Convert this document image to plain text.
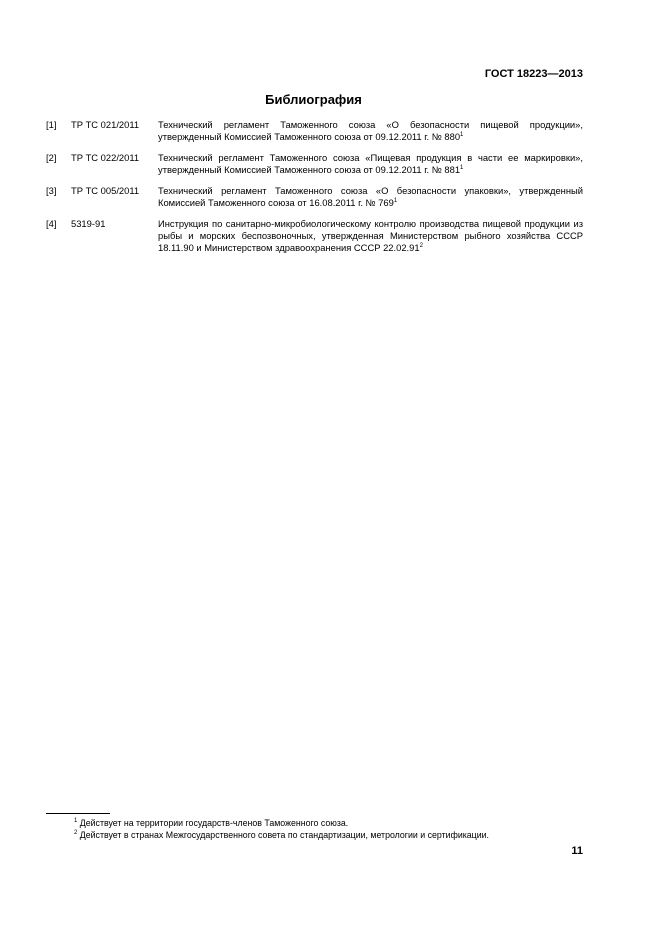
ГОСТ 18223—2013
Библиография
[1]	ТР ТС 021/2011	Технический регламент Таможенного союза «О безопасности пищевой продукции», утвержденный Комиссией Таможенного союза от 09.12.2011 г. № $880^1$
[2]	ТР ТС 022/2011	Технический регламент Таможенного союза «Пищевая продукция в части ее маркировки», утвержденный Комиссией Таможенного союза от 09.12.2011 г. № $881^1$
[3]	ТР ТС 005/2011	Технический регламент Таможенного союза «О безопасности упаковки», утвержденный Комиссией Таможенного союза от 16.08.2011 г. № $769^1$
[4]	5319-91	Инструкция по санитарно-микробиологическому контролю производства пищевой продукции из рыбы и морских беспозвоночных, утвержденная Министерством рыбного хозяйства СССР 18.11.90 и Министерством здравоохранения СССР 22.02.91$^2$
$^1$ Действует на территории государств-членов Таможенного союза.
$^2$ Действует в странах Межгосударственного совета по стандартизации, метрологии и сертификации.
11
